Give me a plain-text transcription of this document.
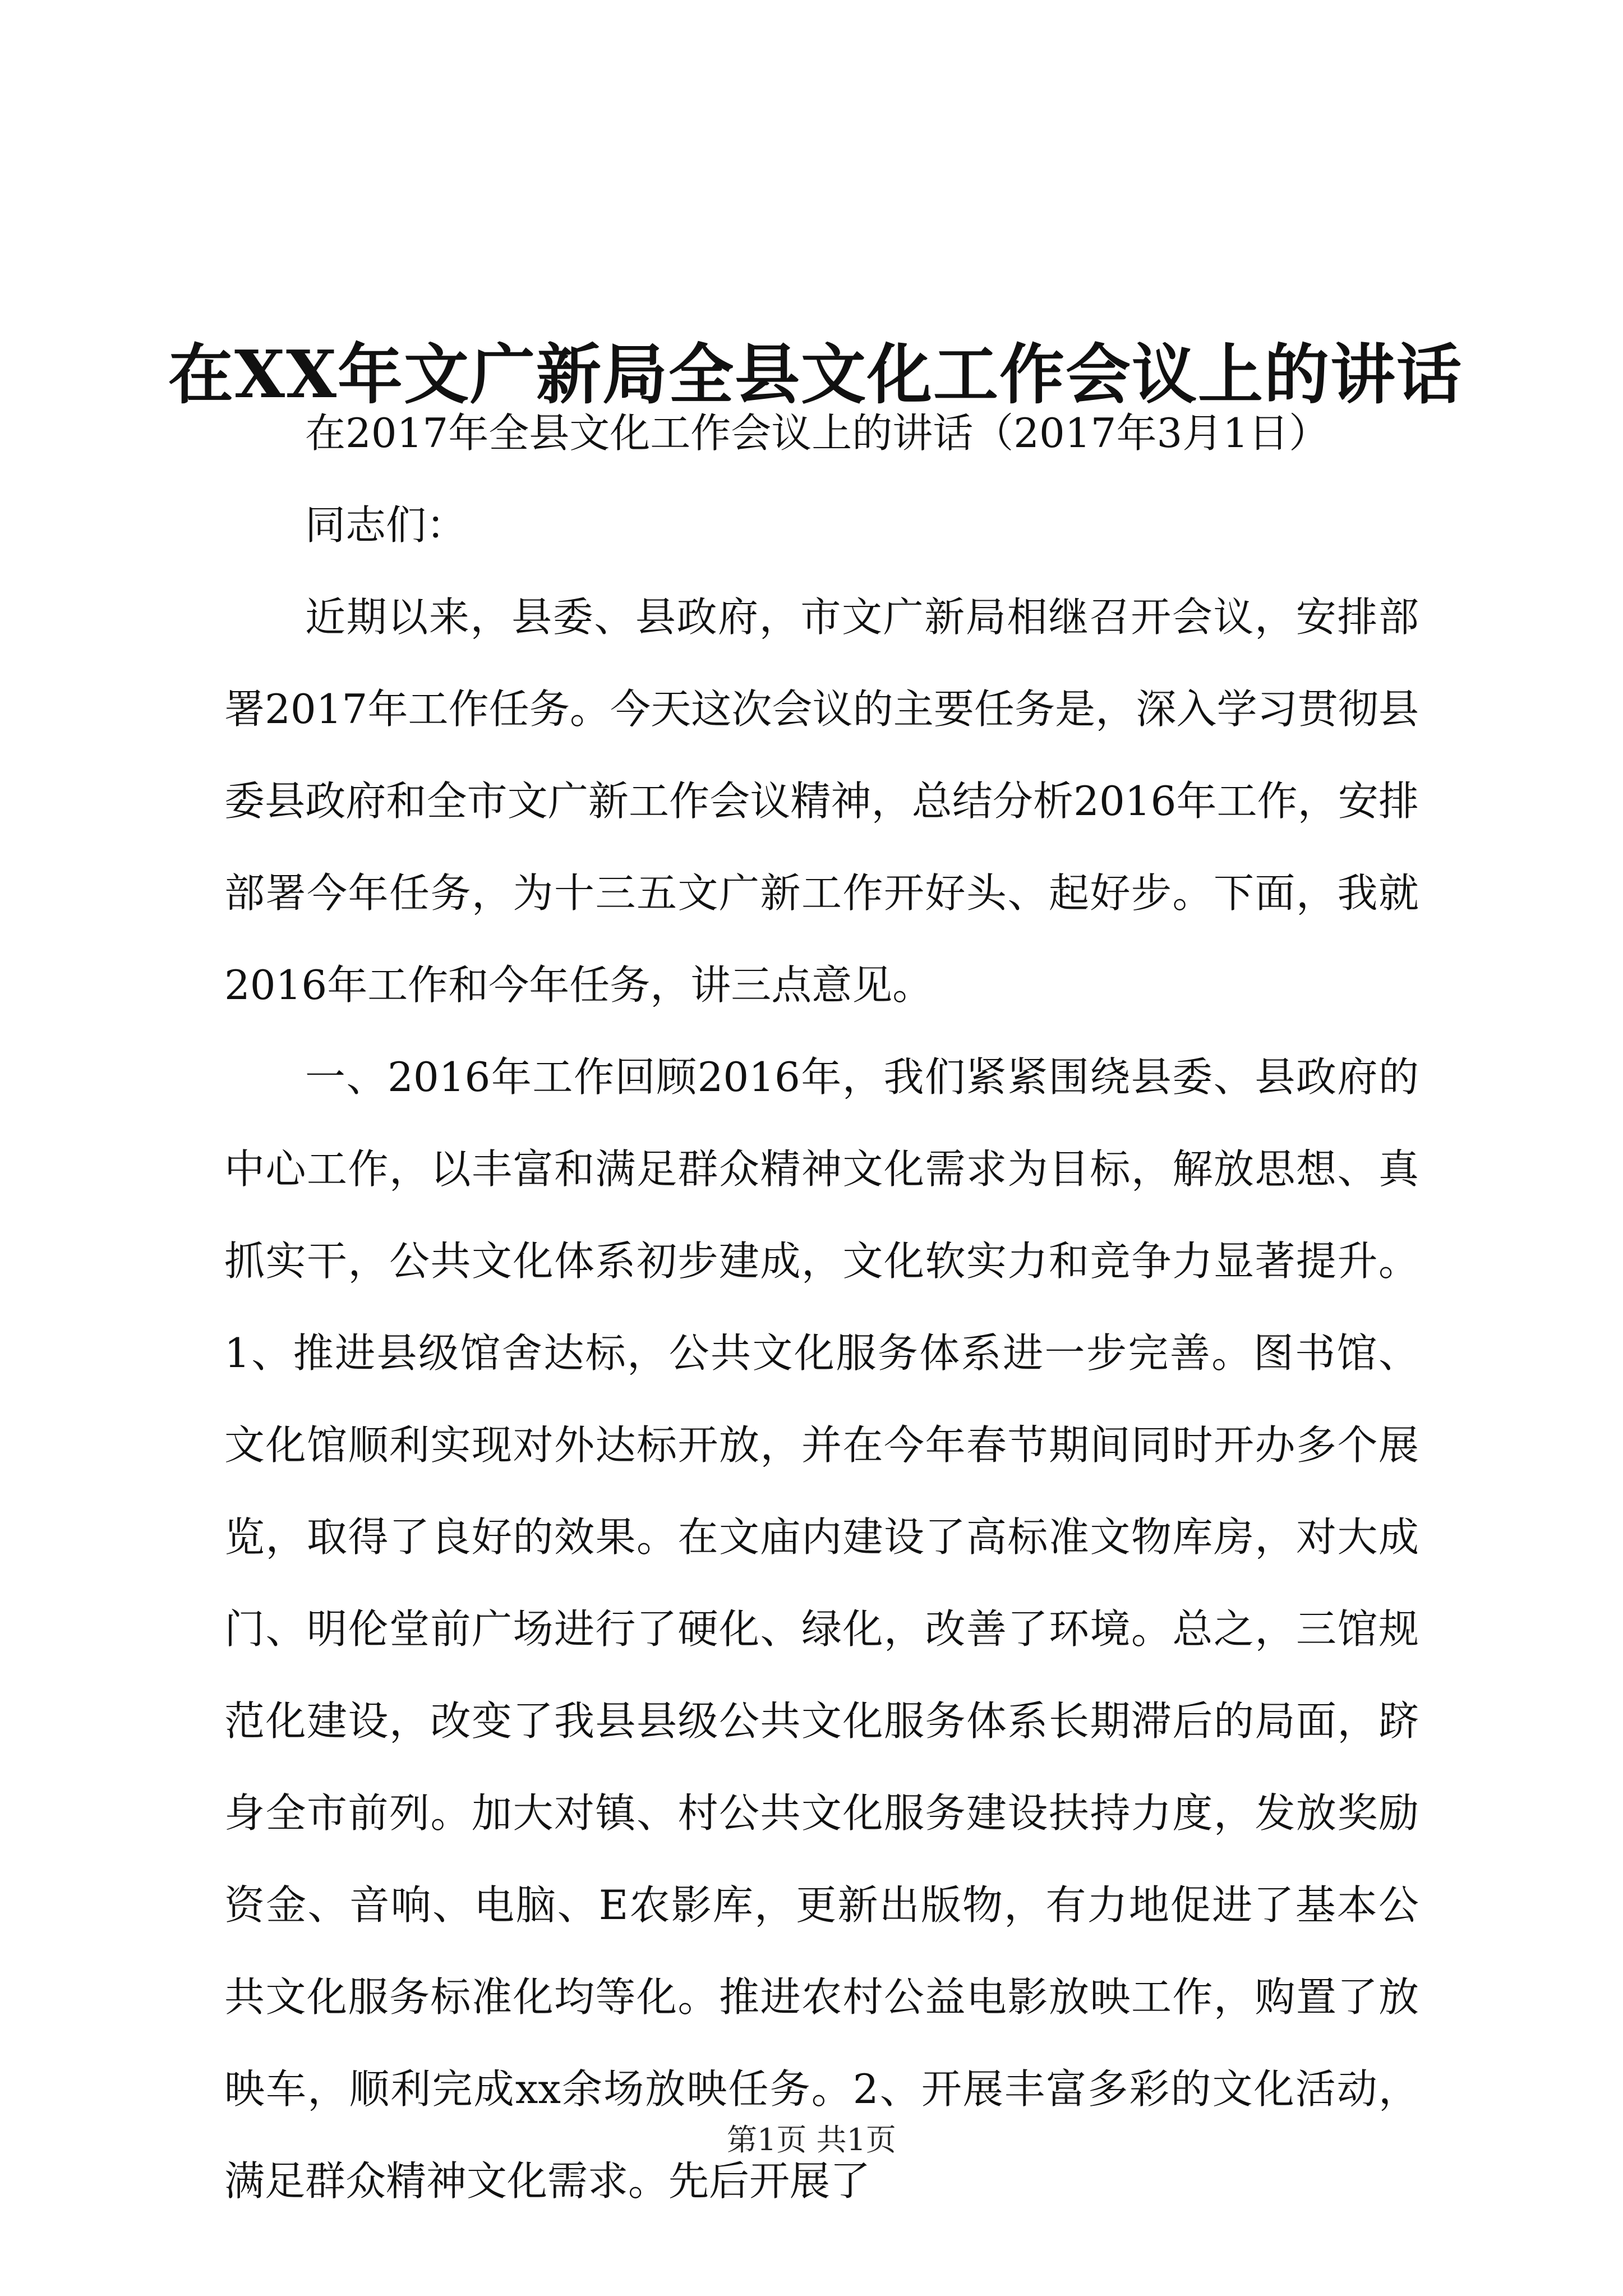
在XX年文广新局全县文化工作会议上的讲话

在2017年全县文化工作会议上的讲话（2017年3月1日）

同志们：

近期以来，县委、县政府，市文广新局相继召开会议，安排部署2017年工作任务。今天这次会议的主要任务是，深入学习贯彻县委县政府和全市文广新工作会议精神，总结分析2016年工作，安排部署今年任务，为十三五文广新工作开好头、起好步。下面，我就2016年工作和今年任务，讲三点意见。

一、2016年工作回顾2016年，我们紧紧围绕县委、县政府的中心工作，以丰富和满足群众精神文化需求为目标，解放思想、真抓实干，公共文化体系初步建成，文化软实力和竞争力显著提升。1、推进县级馆舍达标，公共文化服务体系进一步完善。图书馆、文化馆顺利实现对外达标开放，并在今年春节期间同时开办多个展览，取得了良好的效果。在文庙内建设了高标准文物库房，对大成门、明伦堂前广场进行了硬化、绿化，改善了环境。总之，三馆规范化建设，改变了我县县级公共文化服务体系长期滞后的局面，跻身全市前列。加大对镇、村公共文化服务建设扶持力度，发放奖励资金、音响、电脑、E农影库，更新出版物，有力地促进了基本公共文化服务标准化均等化。推进农村公益电影放映工作，购置了放映车，顺利完成xx余场放映任务。2、开展丰富多彩的文化活动，满足群众精神文化需求。先后开展了

第1页 共1页
